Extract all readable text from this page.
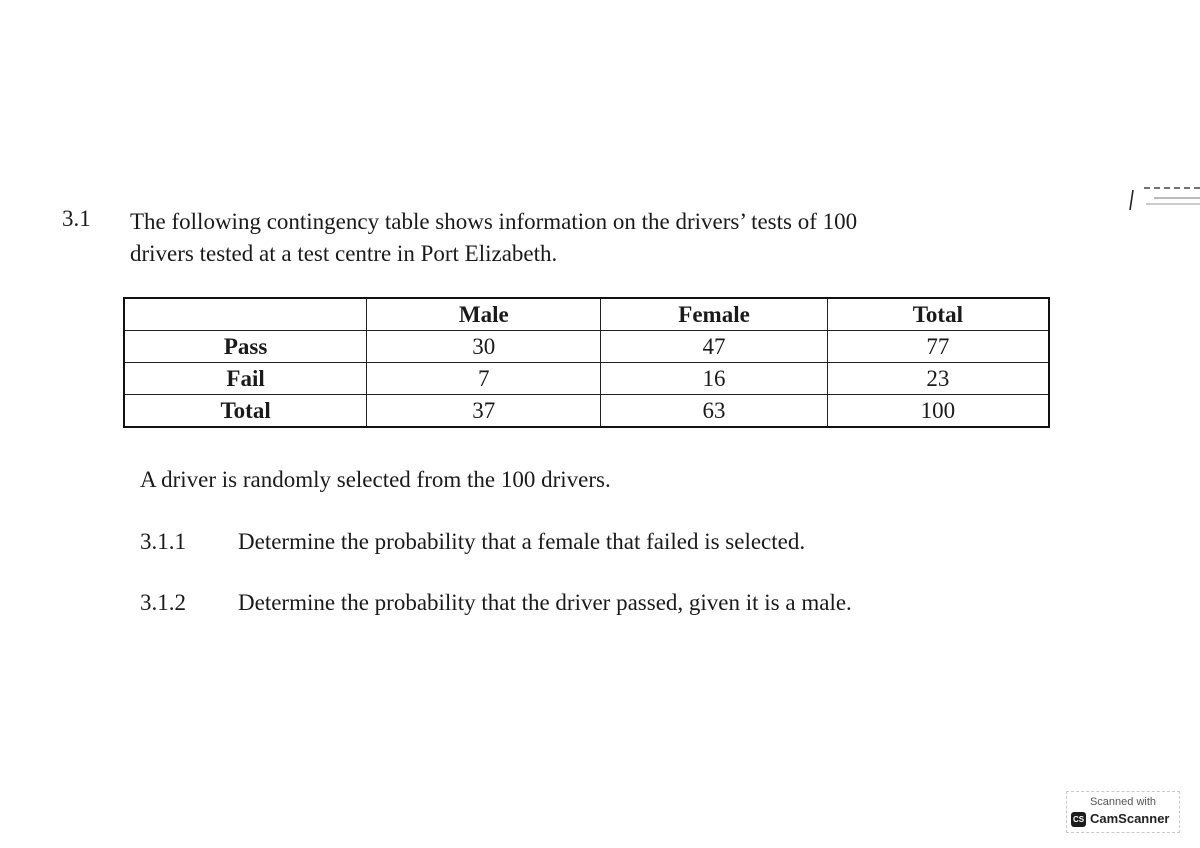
3.1 The following contingency table shows information on the drivers’ tests of 100
drivers tested at a test centre in Port Elizabeth.
	Male	Female	Total
Pass	30	47	77
Fail	7	16	23
Total	37	63	100
A driver is randomly selected from the 100 drivers.
3.1.1 Determine the probability that a female that failed is selected.
3.1.2 Determine the probability that the driver passed, given it is a male.
Scanned with
CS CamScanner
